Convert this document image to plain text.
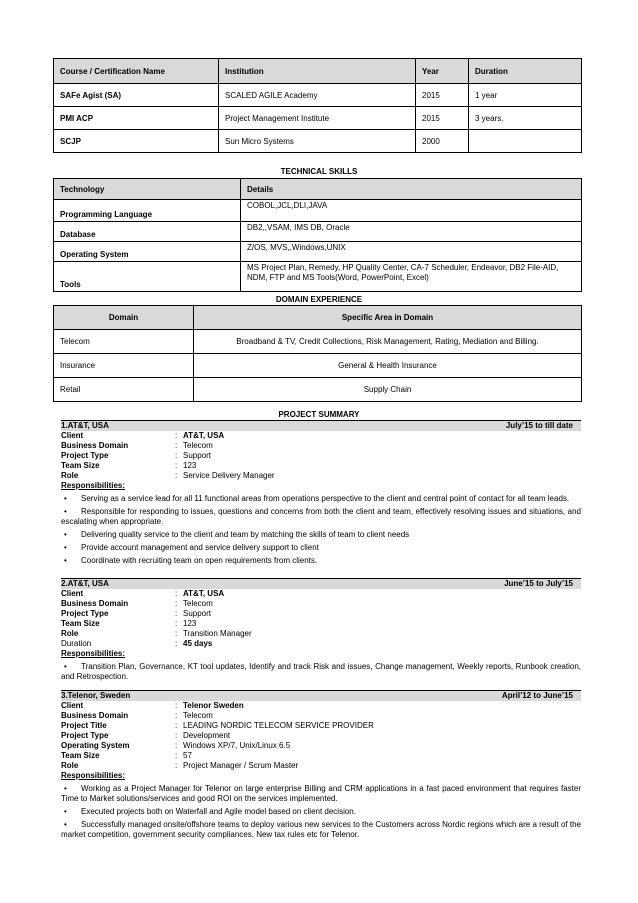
Course / Certification Name	Institution	Year	Duration
SAFe Agist (SA)	SCALED AGILE Academy	2015	1 year
PMI ACP	Project Management Institute	2015	3 years.
SCJP	Sun Micro Systems	2000	
TECHNICAL SKILLS
Technology	Details
Programming Language	COBOL,JCL,DLI,JAVA
Database	DB2,,VSAM, IMS DB, Oracle
Operating System	Z/OS, MVS,,Windows,UNIX
Tools	MS Project Plan, Remedy, HP Quality Center, CA-7 Scheduler, Endeavor, DB2 File-AID, NDM, FTP and MS Tools(Word, PowerPoint, Excel)
DOMAIN EXPERIENCE
Domain	Specific Area in Domain
Telecom	Broadband & TV, Credit Collections, Risk Management, Rating, Mediation and Billing.
Insurance	General & Health Insurance
Retail	Supply Chain
PROJECT SUMMARY
1.AT&T, USA	July’15 to till date
Client	: AT&T, USA
Business Domain	: Telecom
Project Type	: Support
Team Size	: 123
Role	: Service Delivery Manager
Responsibilities:
• Serving as a service lead for all 11 functional areas from operations perspective to the client and central point of contact for all team leads.
• Responsible for responding to issues, questions and concerns from both the client and team, effectively resolving issues and situations, and escalating when appropriate.
• Delivering quality service to the client and team by matching the skills of team to client needs
• Provide account management and service delivery support to client
• Coordinate with recruiting team on open requirements from clients.
2.AT&T, USA	June’15 to July’15
Client	: AT&T, USA
Business Domain	: Telecom
Project Type	: Support
Team Size	: 123
Role	: Transition Manager
Duration	: 45 days
Responsibilities:
• Transition Plan, Governance, KT tool updates, Identify and track Risk and issues, Change management, Weekly reports, Runbook creation, and Retrospection.
3.Telenor, Sweden	April’12 to June’15
Client	: Telenor Sweden
Business Domain	: Telecom
Project Title	: LEADING NORDIC TELECOM SERVICE PROVIDER
Project Type	: Development
Operating System	: Windows XP/7, Unix/Linux 6.5
Team Size	: 57
Role	: Project Manager / Scrum Master
Responsibilities:
• Working as a Project Manager for Telenor on large enterprise Billing and CRM applications in a fast paced environment that requires faster Time to Market solutions/services and good ROI on the services implemented.
• Executed projects both on Waterfall and Agile model based on client decision.
• Successfully managed onsite/offshore teams to deploy various new services to the Customers across Nordic regions which are a result of the market competition, government security compliances, New tax rules etc for Telenor.
